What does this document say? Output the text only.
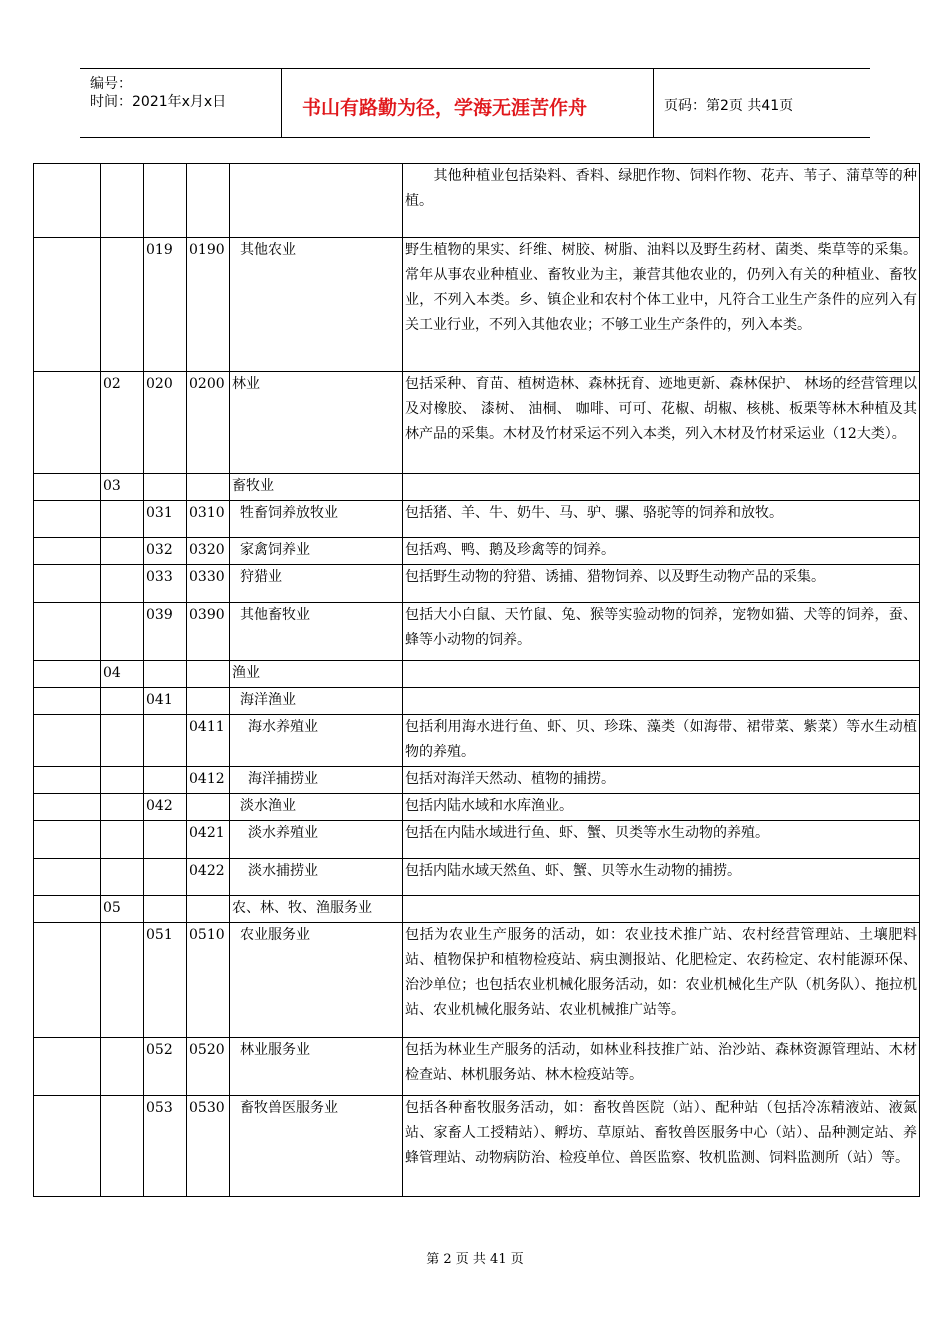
编号：
时间：2021年x月x日	书山有路勤为径，学海无涯苦作舟	页码：第2页 共41页
					　　其他种植业包括染料、香料、绿肥作物、饲料作物、花卉、苇子、蒲草等的种植。
		019	0190	其他农业	野生植物的果实、纤维、树胶、树脂、油料以及野生药材、菌类、柴草等的采集。常年从事农业种植业、畜牧业为主，兼营其他农业的，仍列入有关的种植业、畜牧业，不列入本类。乡、镇企业和农村个体工业中，凡符合工业生产条件的应列入有关工业行业，不列入其他农业；不够工业生产条件的，列入本类。
	02	020	0200	林业	包括采种、育苗、植树造林、森林抚育、迹地更新、森林保护、 林场的经营管理以及对橡胶、 漆树、 油桐、 咖啡、可可、花椒、胡椒、核桃、板栗等林木种植及其林产品的采集。木材及竹材采运不列入本类，列入木材及竹材采运业（12大类）。
	03			畜牧业	
		031	0310	牲畜饲养放牧业	包括猪、羊、牛、奶牛、马、驴、骡、骆驼等的饲养和放牧。
		032	0320	家禽饲养业	包括鸡、鸭、鹅及珍禽等的饲养。
		033	0330	狩猎业	包括野生动物的狩猎、诱捕、猎物饲养、以及野生动物产品的采集。
		039	0390	其他畜牧业	包括大小白鼠、天竹鼠、兔、猴等实验动物的饲养，宠物如猫、犬等的饲养，蚕、蜂等小动物的饲养。
	04			渔业	
		041		海洋渔业	
			0411	海水养殖业	包括利用海水进行鱼、虾、贝、珍珠、藻类（如海带、裙带菜、紫菜）等水生动植物的养殖。
			0412	海洋捕捞业	包括对海洋天然动、植物的捕捞。
		042		淡水渔业	包括内陆水域和水库渔业。
			0421	淡水养殖业	包括在内陆水域进行鱼、虾、蟹、贝类等水生动物的养殖。
			0422	淡水捕捞业	包括内陆水域天然鱼、虾、蟹、贝等水生动物的捕捞。
	05			农、林、牧、渔服务业	
		051	0510	农业服务业	包括为农业生产服务的活动，如：农业技术推广站、农村经营管理站、土壤肥料站、植物保护和植物检疫站、病虫测报站、化肥检定、农药检定、农村能源环保、治沙单位；也包括农业机械化服务活动，如：农业机械化生产队（机务队）、拖拉机站、农业机械化服务站、农业机械推广站等。
		052	0520	林业服务业	包括为林业生产服务的活动，如林业科技推广站、治沙站、森林资源管理站、木材检查站、林机服务站、林木检疫站等。
		053	0530	畜牧兽医服务业	包括各种畜牧服务活动，如：畜牧兽医院（站）、配种站（包括冷冻精液站、液氮站、家畜人工授精站）、孵坊、草原站、畜牧兽医服务中心（站）、品种测定站、养蜂管理站、动物病防治、检疫单位、兽医监察、牧机监测、饲料监测所（站）等。
第 2 页 共 41 页
